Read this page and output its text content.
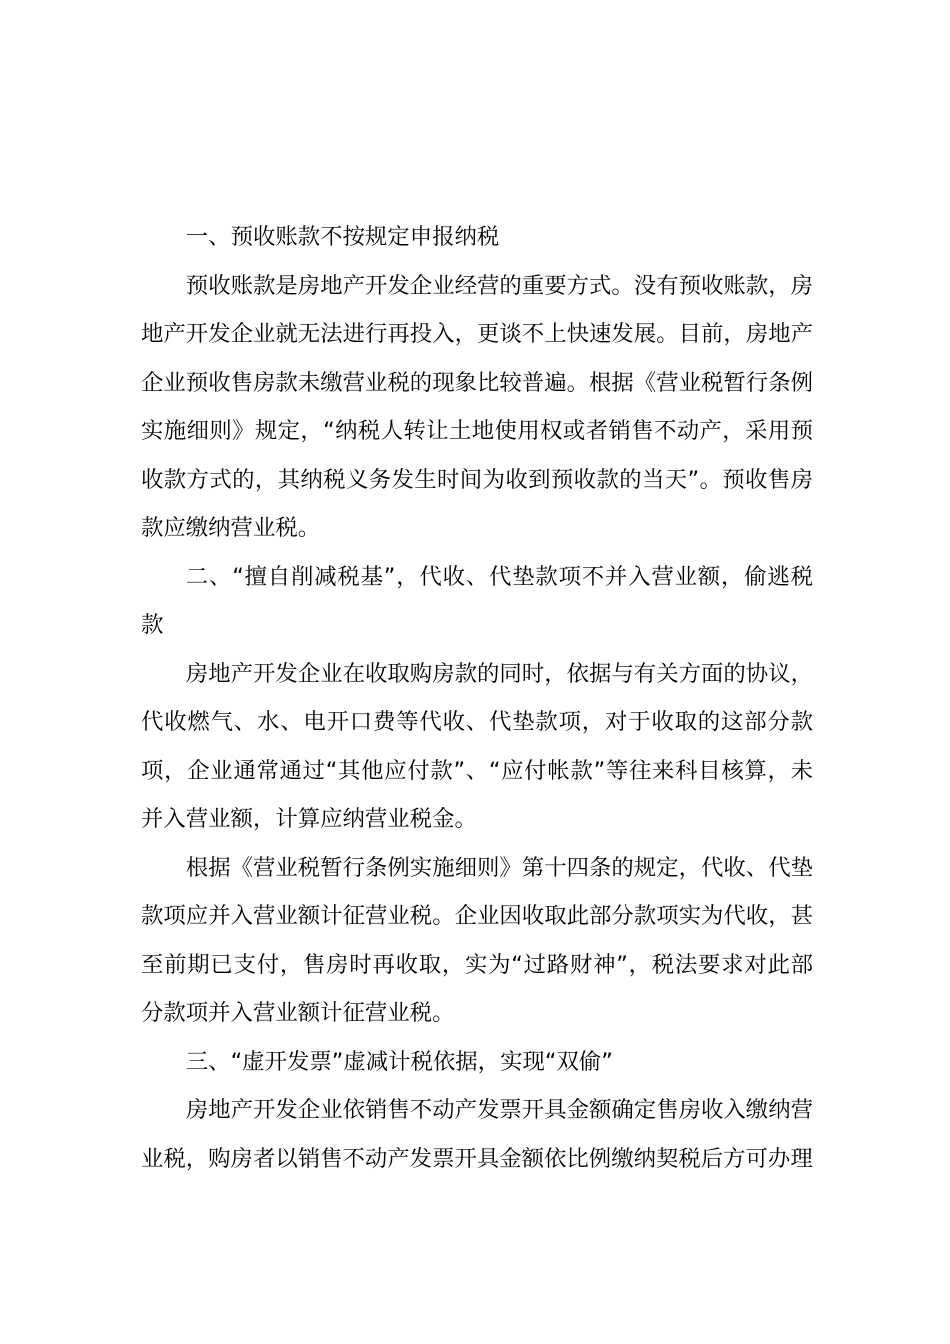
一、预收账款不按规定申报纳税

预收账款是房地产开发企业经营的重要方式。没有预收账款，房地产开发企业就无法进行再投入，更谈不上快速发展。目前，房地产企业预收售房款未缴营业税的现象比较普遍。根据《营业税暂行条例实施细则》规定，“纳税人转让土地使用权或者销售不动产，采用预收款方式的，其纳税义务发生时间为收到预收款的当天”。预收售房款应缴纳营业税。

二、“擅自削减税基”，代收、代垫款项不并入营业额，偷逃税款

房地产开发企业在收取购房款的同时，依据与有关方面的协议，代收燃气、水、电开口费等代收、代垫款项，对于收取的这部分款项，企业通常通过“其他应付款”、“应付帐款”等往来科目核算，未并入营业额，计算应纳营业税金。

根据《营业税暂行条例实施细则》第十四条的规定，代收、代垫款项应并入营业额计征营业税。企业因收取此部分款项实为代收，甚至前期已支付，售房时再收取，实为“过路财神”，税法要求对此部分款项并入营业额计征营业税。

三、“虚开发票”虚减计税依据，实现“双偷”

房地产开发企业依销售不动产发票开具金额确定售房收入缴纳营业税，购房者以销售不动产发票开具金额依比例缴纳契税后方可办理
